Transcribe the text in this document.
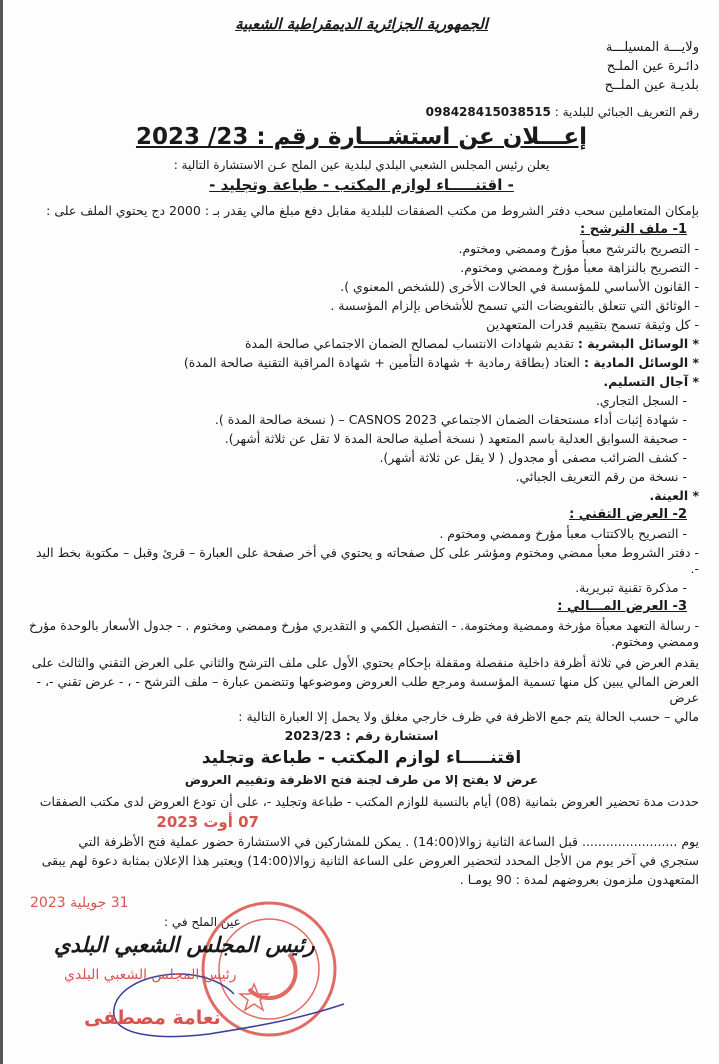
الجمهورية الجزائرية الديمقراطية الشعبية
ولايـــة المسيلـــة
دائـرة عين الملـح
بلديـة عين الملــح
رقم التعريف الجبائي للبلدية : 098428415038515
إعـــلان عن استشـــارة رقم : 23/ 2023
يعلن رئيس المجلس الشعبي البلدي لبلدية عين الملح عـن الاستشارة التالية :
- اقتنـــــاء لوازم المكتب - طباعة وتجليد -
بإمكان المتعاملين سحب دفتر الشروط من مكتب الصفقات للبلدية مقابل دفع مبلغ مالي يقدر بـ : 2000 دج يحتوي الملف على :
1- ملف الترشح :
- التصريح بالترشح معبأ مؤرخ وممضي ومختوم.
- التصريح بالنزاهة معبأ مؤرخ وممضي ومختوم.
- القانون الأساسي للمؤسسة في الحالات الأخرى (للشخص المعنوي ).
- الوثائق التي تتعلق بالتفويضات التي تسمح للأشخاص بإلزام المؤسسة .
- كل وثيقة تسمح بتقييم قدرات المتعهدين
* الوسائل البشرية : تقديم شهادات الانتساب لمصالح الضمان الاجتماعي صالحة المدة
* الوسائل المادية : العتاد (بطاقة رمادية + شهادة التأمين + شهادة المراقبة التقنية صالحة المدة)
* آجال التسليم.
- السجل التجاري.
- شهادة إثبات أداء مستحقات الضمان الاجتماعي CASNOS 2023 – ( نسخة صالحة المدة ).
- صحيفة السوابق العدلية باسم المتعهد ( نسخة أصلية صالحة المدة لا تقل عن ثلاثة أشهر).
- كشف الضرائب مصفى أو مجدول ( لا يقل عن ثلاثة أشهر).
- نسخة من رقم التعريف الجبائي.
* العينة.
2- العرض التقني :
- التصريح بالاكتتاب معبأ مؤرخ وممضي ومختوم .
- دفتر الشروط معبأ ممضي ومختوم ومؤشر على كل صفحاته و يحتوي في أخر صفحة على العبارة – قرئ وقبل – مكتوبة بخط اليد -.
- مذكرة تقنية تبريرية.
3- العرض المـــالي :
- رسالة التعهد معبأة مؤرخة وممضية ومختومة. - التفصيل الكمي و التقديري مؤرخ وممضي ومختوم . - جدول الأسعار بالوحدة مؤرخ وممضي ومختوم.
يقدم العرض في ثلاثة أظرفة داخلية منفصلة ومقفلة بإحكام يحتوي الأول على ملف الترشح والثاني على العرض التقني والثالث على
العرض المالي يبين كل منها تسمية المؤسسة ومرجع طلب العروض وموضوعها وتتضمن عبارة – ملف الترشح - ، - عرض تقني -، - عرض
مالي – حسب الحالة يتم جمع الاظرفة في ظرف خارجي مغلق ولا يحمل إلا العبارة التالية :
استشارة رقم : 2023/23
اقتنـــــاء لوازم المكتب - طباعة وتجليد
عرض لا يفتح إلا من طرف لجنة فتح الاظرفة وتقييم العروض
حددت مدة تحضير العروض بثمانية (08) أيام بالنسبة للوازم المكتب - طباعة وتجليد -، على أن تودع العروض لدى مكتب الصفقات
07 أوت 2023
يوم ........................ قبل الساعة الثانية زوالا(14:00) . يمكن للمشاركين في الاستشارة حضور عملية فتح الأظرفة التي
ستجري في آخر يوم من الأجل المحدد لتحضير العروض على الساعة الثانية زوالا(14:00) ويعتبر هذا الإعلان بمثابة دعوة لهم يبقى
المتعهدون ملزمون بعروضهم لمدة : 90 يومـا .
31 جويلية 2023
عين الملح في :
رئيس المجلس الشعبي البلدي
رئيس المجلس الشعبي البلدي
نعامة مصطفى
